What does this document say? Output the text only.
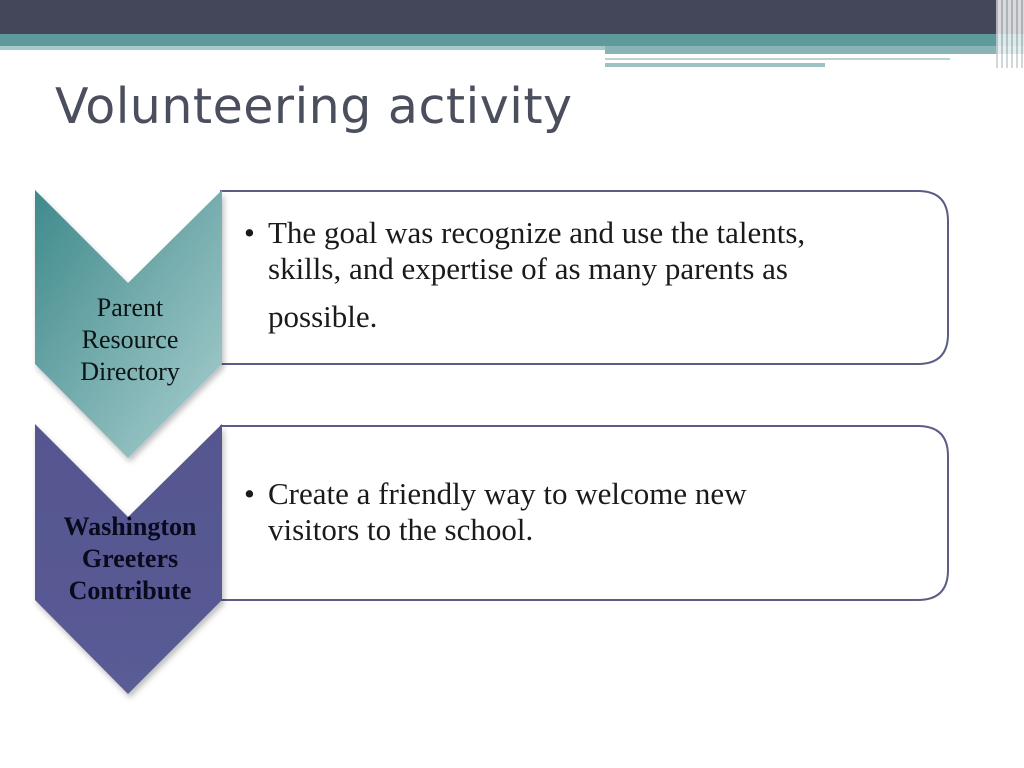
Volunteering activity
Parent
Resource
Directory
Washington
Greeters
Contribute
• The goal was recognize and use the talents,
skills, and expertise of as many parents as
possible.
• Create a friendly way to welcome new
visitors to the school.
